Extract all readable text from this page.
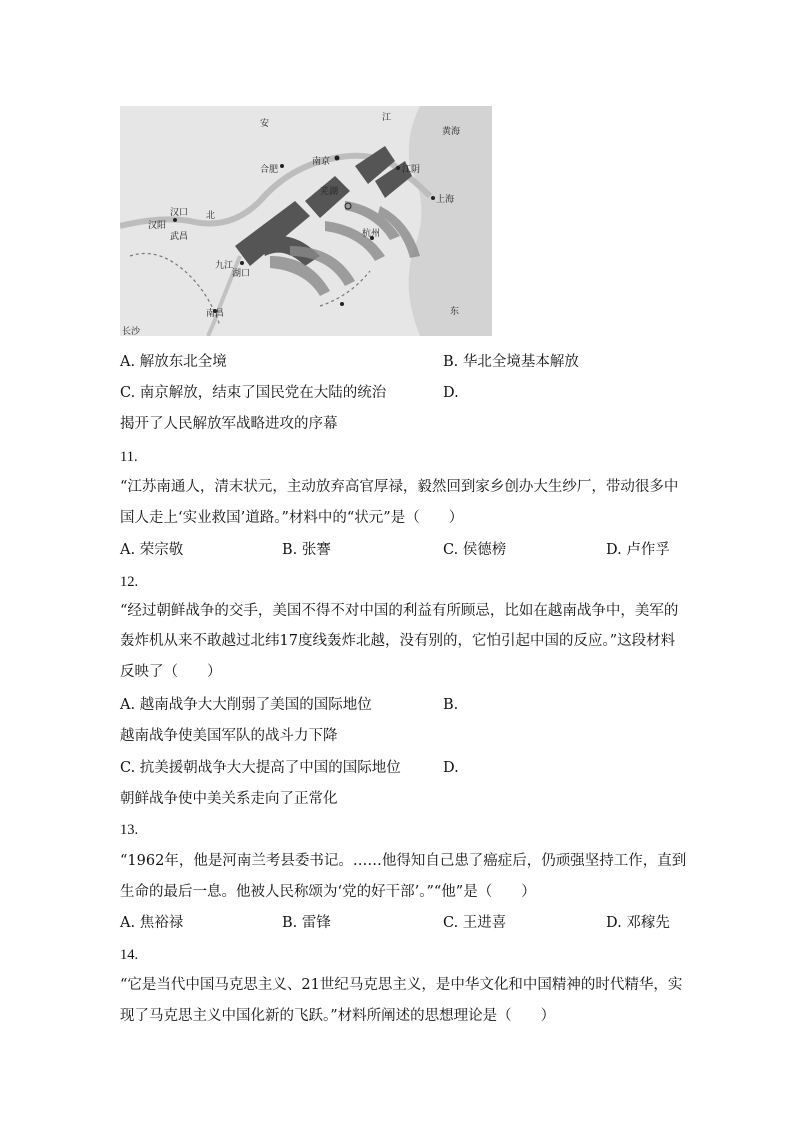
南京
合肥	江阴
上海
汉口
汉阳
武昌
芜湖
杭州
九江
湖口
南昌
长沙
黄海
东
江
安
北
A. 解放东北全境	B. 华北全境基本解放
C. 南京解放，结束了国民党在大陆的统治	D.
揭开了人民解放军战略进攻的序幕
11.
“江苏南通人，清末状元，主动放弃高官厚禄，毅然回到家乡创办大生纱厂，带动很多中
国人走上‘实业救国’道路。”材料中的“状元”是（　　）
A. 荣宗敬	B. 张謇	C. 侯德榜	D. 卢作孚
12.
“经过朝鲜战争的交手，美国不得不对中国的利益有所顾忌，比如在越南战争中，美军的
轰炸机从来不敢越过北纬17度线轰炸北越，没有别的，它怕引起中国的反应。”这段材料
反映了（　　）
A. 越南战争大大削弱了美国的国际地位	B.
越南战争使美国军队的战斗力下降
C. 抗美援朝战争大大提高了中国的国际地位	D.
朝鲜战争使中美关系走向了正常化
13.
“1962年，他是河南兰考县委书记。……他得知自己患了癌症后，仍顽强坚持工作，直到
生命的最后一息。他被人民称颂为‘党的好干部’。”“他”是（　　）
A. 焦裕禄	B. 雷锋	C. 王进喜	D. 邓稼先
14.
“它是当代中国马克思主义、21世纪马克思主义，是中华文化和中国精神的时代精华，实
现了马克思主义中国化新的飞跃。”材料所阐述的思想理论是（　　）
